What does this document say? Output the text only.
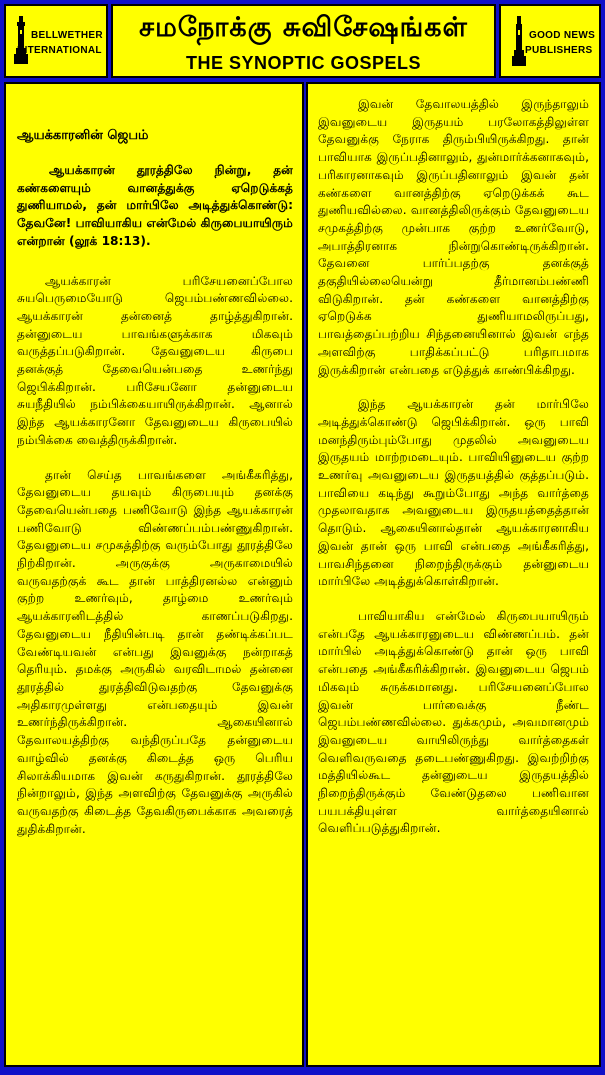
BELLWETHER
INTERNATIONAL
சமநோக்கு சுவிசேஷங்கள்
THE SYNOPTIC GOSPELS
GOOD NEWS
PUBLISHERS
ஆயக்காரனின் ஜெபம்

ஆயக்காரன் தூரத்திலே நின்று, தன் கண்களையும் வானத்துக்கு ஏறெடுக்கத் துணியாமல், தன் மார்பிலே அடித்துக்கொண்டு: தேவனே! பாவியாகிய என்மேல் கிருபையாயிரும் என்றான் (லூக் 18:13).

ஆயக்காரன் பரிசேயனைப்போல சுயபெருமையோடு ஜெபம்பண்ணவில்லை. ஆயக்காரன் தன்னைத் தாழ்த்துகிறான். தன்னுடைய பாவங்களுக்காக மிகவும் வருத்தப்படுகிறான். தேவனுடைய கிருபை தனக்குத் தேவையென்பதை உணர்ந்து ஜெபிக்கிறான். பரிசேயனோ தன்னுடைய சுயநீதியில் நம்பிக்கையாயிருக்கிறான். ஆனால் இந்த ஆயக்காரனோ தேவனுடைய கிருபையில் நம்பிக்கை வைத்திருக்கிறான்.

தான் செய்த பாவங்களை அங்கீகரித்து, தேவனுடைய தயவும் கிருபையும் தனக்கு தேவையென்பதை பணிவோடு இந்த ஆயக்காரன் பணிவோடு விண்ணப்பம்பண்ணுகிறான். தேவனுடைய சமுகத்திற்கு வரும்போது தூரத்திலே நிற்கிறான். அருகுக்கு அருகாமையில் வருவதற்குக் கூட தான் பாத்திரனல்ல என்னும் குற்ற உணர்வும், தாழ்மை உணர்வும் ஆயக்காரனிடத்தில் காணப்படுகிறது. தேவனுடைய நீதியின்படி தான் தண்டிக்கப்பட வேண்டியவன் என்பது இவனுக்கு நன்றாகத் தெரியும். தமக்கு அருகில் வரவிடாமல் தன்னை தூரத்தில் துரத்திவிடுவதற்கு தேவனுக்கு அதிகாரமுள்ளது என்பதையும் இவன் உணர்ந்திருக்கிறான். ஆகையினால் தேவாலயத்திற்கு வந்திருப்பதே தன்னுடைய வாழ்வில் தனக்கு கிடைத்த ஒரு பெரிய சிலாக்கியமாக இவன் கருதுகிறான். தூரத்திலே நின்றாலும், இந்த அளவிற்கு தேவனுக்கு அருகில் வருவதற்கு கிடைத்த தேவகிருபைக்காக அவரைத் துதிக்கிறான்.

இவன் தேவாலயத்தில் இருந்தாலும் இவனுடைய இருதயம் பரலோகத்திலுள்ள தேவனுக்கு நேராக திரும்பியிருக்கிறது. தான் பாவியாக இருப்பதினாலும், துன்மார்க்கனாகவும், பரிகாரனாகவும் இருப்பதினாலும் இவன் தன் கண்களை வானத்திற்கு ஏறெடுக்கக் கூட துணியவில்லை. வானத்திலிருக்கும் தேவனுடைய சமுகத்திற்கு முன்பாக குற்ற உணர்வோடு, அபாத்திரனாக நின்றுகொண்டிருக்கிறான். தேவனை பார்ப்பதற்கு தனக்குத் தகுதியில்லையென்று தீர்மானம்பண்ணி விடுகிறான். தன் கண்களை வானத்திற்கு ஏறெடுக்க துணியாமலிருப்பது, பாவத்தைப்பற்றிய சிந்தனையினால் இவன் எந்த அளவிற்கு பாதிக்கப்பட்டு பரிதாபமாக இருக்கிறான் என்பதை எடுத்துக் காண்பிக்கிறது.

இந்த ஆயக்காரன் தன் மார்பிலே அடித்துக்கொண்டு ஜெபிக்கிறான். ஒரு பாவி மனந்திரும்பும்போது முதலில் அவனுடைய இருதயம் மாற்றமடையும். பாவியினுடைய குற்ற உணர்வு அவனுடைய இருதயத்தில் குத்தப்படும். பாவியை கடிந்து கூறும்போது அந்த வார்த்தை முதலாவதாக அவனுடைய இருதயத்தைத்தான் தொடும். ஆகையினால்தான் ஆயக்காரனாகிய இவன் தான் ஒரு பாவி என்பதை அங்கீகரித்து, பாவசிந்தனை நிறைந்திருக்கும் தன்னுடைய மார்பிலே அடித்துக்கொள்கிறான்.

பாவியாகிய என்மேல் கிருபையாயிரும் என்பதே ஆயக்காரனுடைய விண்ணப்பம். தன் மார்பில் அடித்துக்கொண்டு தான் ஒரு பாவி என்பதை அங்கீகரிக்கிறான். இவனுடைய ஜெபம் மிகவும் சுருக்கமானது. பரிசேயனைப்போல இவன் பார்வைக்கு நீண்ட ஜெபம்பண்ணவில்லை. துக்கமும், அவமானமும் இவனுடைய வாயிலிருந்து வார்த்தைகள் வெளிவருவதை தடைபண்ணுகிறது. இவற்றிற்கு மத்தியில்கூட தன்னுடைய இருதயத்தில் நிறைந்திருக்கும் வேண்டுதலை பணிவான பயபக்தியுள்ள வார்த்தையினால் வெளிப்படுத்துகிறான்.
